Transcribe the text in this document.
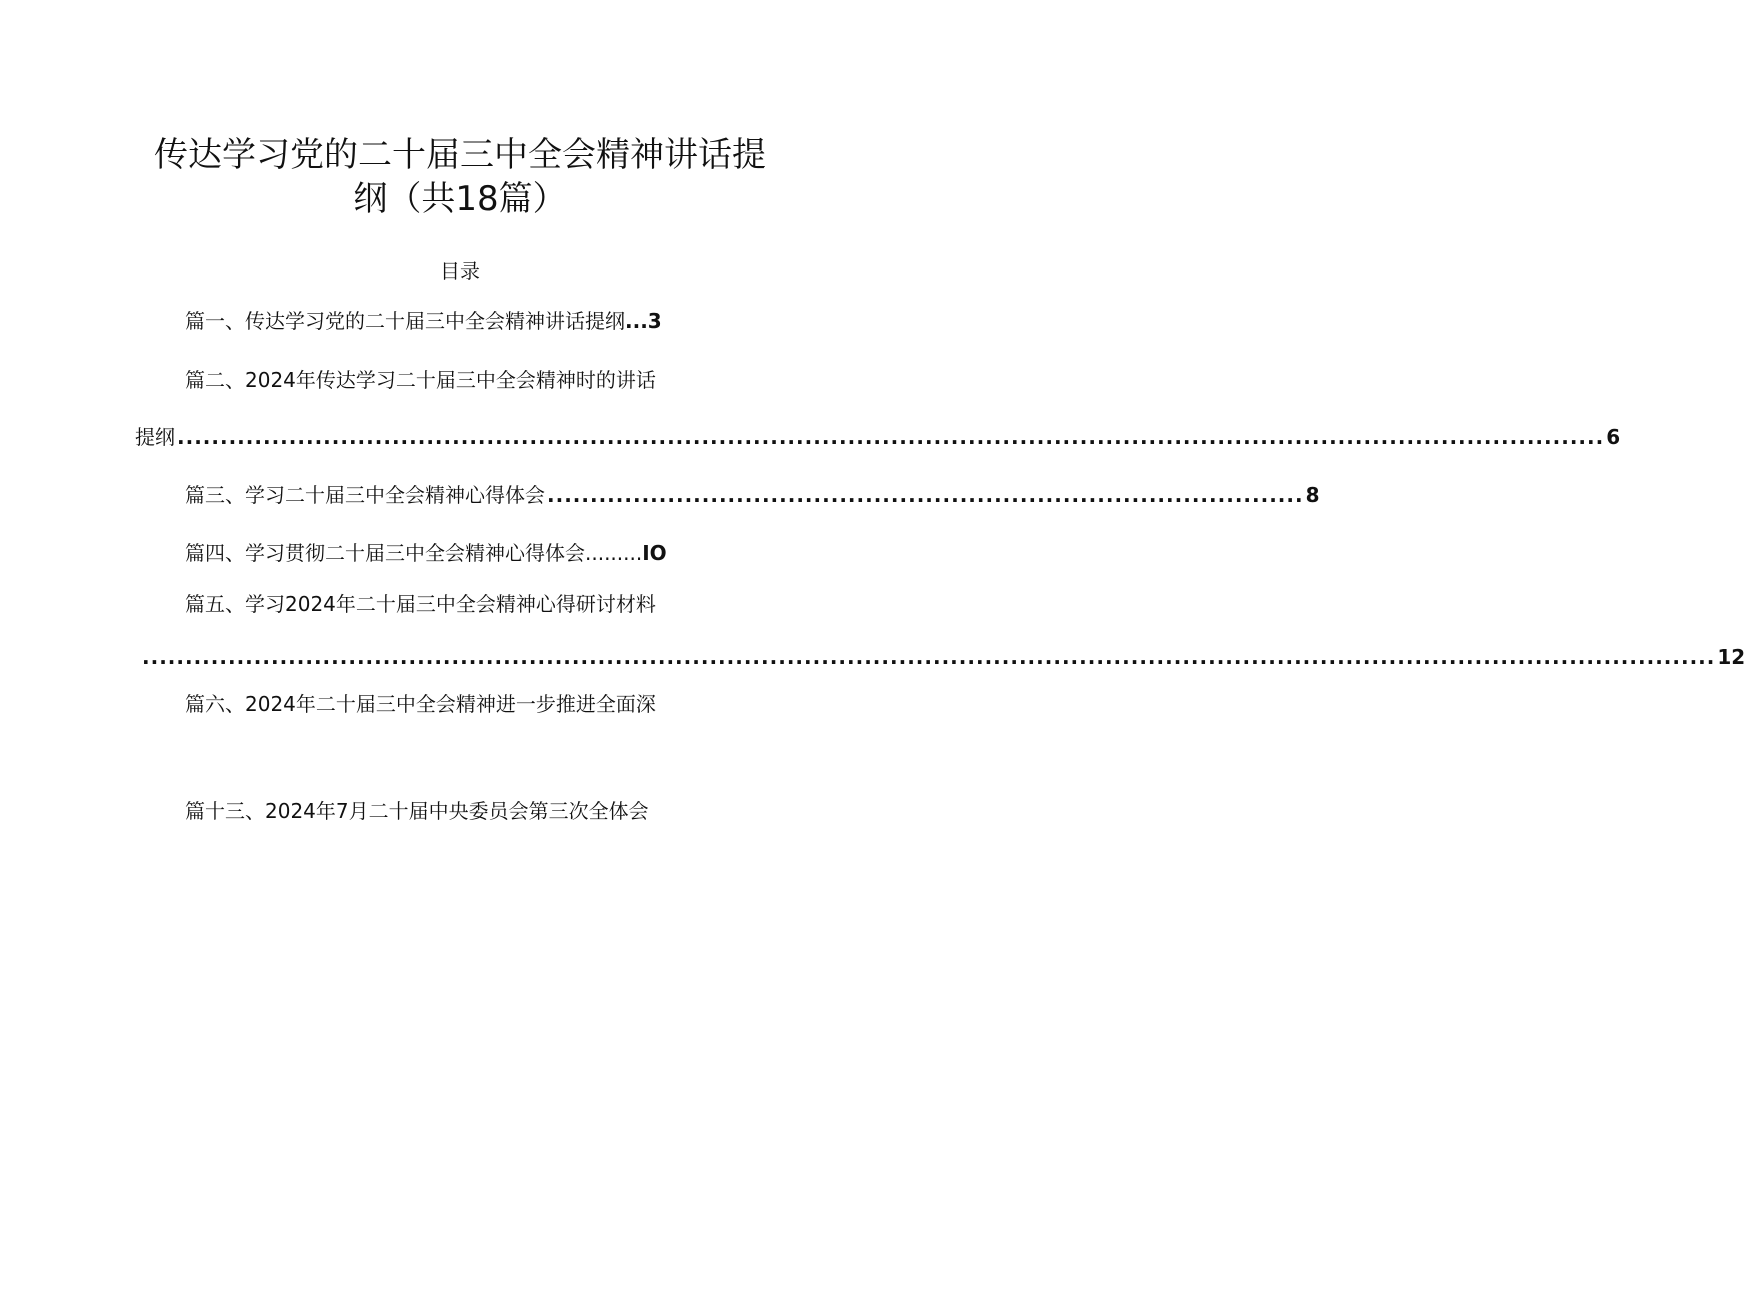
传达学习党的二十届三中全会精神讲话提
纲（共18篇）
目录
篇一、传达学习党的二十届三中全会精神讲话提纲...3
篇二、2024年传达学习二十届三中全会精神时的讲话
提纲 ...................................................................................................................................................................... 6
篇三、学习二十届三中全会精神心得体会 ........................................................................................ 8
篇四、学习贯彻二十届三中全会精神心得体会.........IO
篇五、学习2024年二十届三中全会精神心得研讨材料
....................................................................................................................................................................................... 12
篇六、2024年二十届三中全会精神进一步推进全面深
篇十三、2024年7月二十届中央委员会第三次全体会
